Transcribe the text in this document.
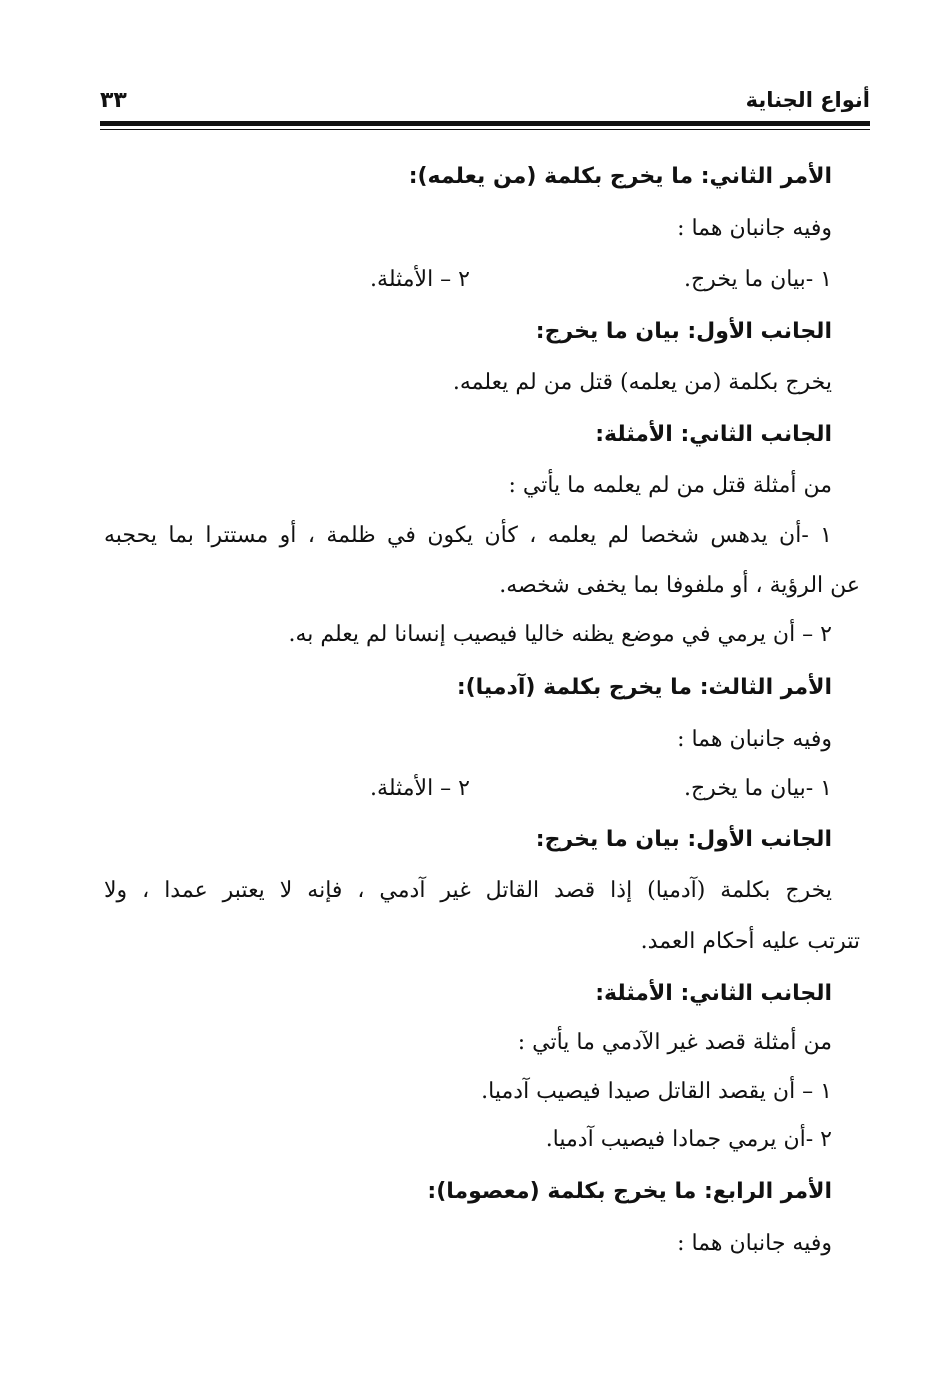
أنواع الجناية
٣٣
الأمر الثاني: ما يخرج بكلمة (من يعلمه):
وفيه جانبان هما :
١ -بيان ما يخرج.
٢ – الأمثلة.
الجانب الأول: بيان ما يخرج:
يخرج بكلمة (من يعلمه) قتل من لم يعلمه.
الجانب الثاني: الأمثلة:
من أمثلة قتل من لم يعلمه ما يأتي :
١ -أن يدهس شخصا لم يعلمه ، كأن يكون في ظلمة ، أو مستترا بما يحجبه
عن الرؤية ، أو ملفوفا بما يخفى شخصه.
٢ – أن يرمي في موضع يظنه خاليا فيصيب إنسانا لم يعلم به.
الأمر الثالث: ما يخرج بكلمة (آدميا):
وفيه جانبان هما :
١ -بيان ما يخرج.
٢ – الأمثلة.
الجانب الأول: بيان ما يخرج:
يخرج بكلمة (آدميا) إذا قصد القاتل غير آدمي ، فإنه لا يعتبر عمدا ، ولا
تترتب عليه أحكام العمد.
الجانب الثاني: الأمثلة:
من أمثلة قصد غير الآدمي ما يأتي :
١ – أن يقصد القاتل صيدا فيصيب آدميا.
٢ -أن يرمي جمادا فيصيب آدميا.
الأمر الرابع: ما يخرج بكلمة (معصوما):
وفيه جانبان هما :
